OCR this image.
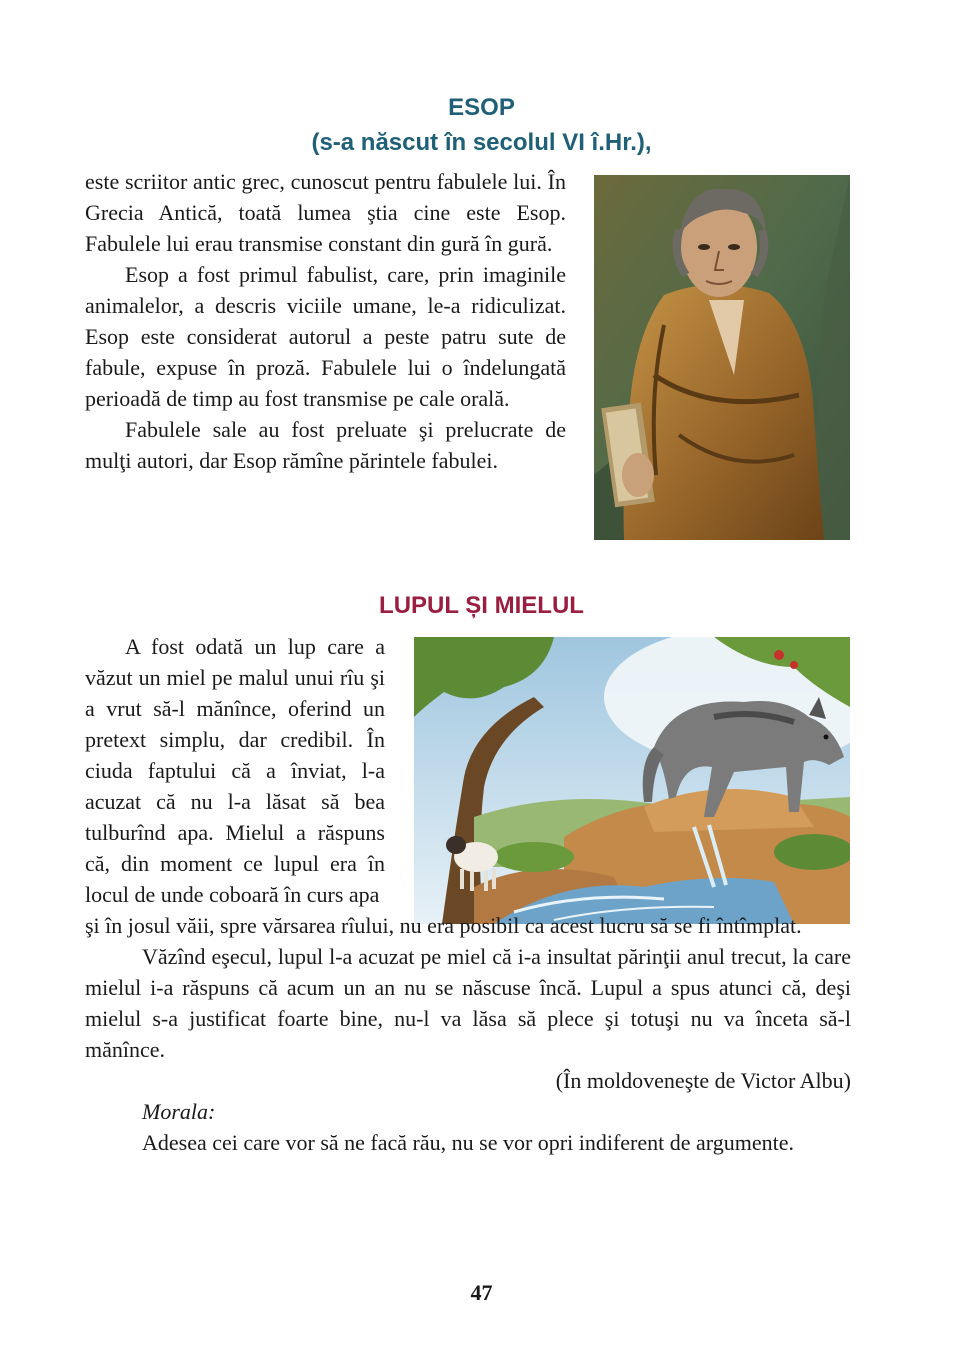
ESOP
(s-a născut în secolul VI î.Hr.),

este scriitor antic grec, cunoscut pentru fabulele lui. În Grecia Antică, toată lumea ştia cine este Esop. Fabulele lui erau transmise constant din gură în gură.

Esop a fost primul fabulist, care, prin imaginile animalelor, a descris viciile umane, le-a ridiculizat. Esop este considerat autorul a peste patru sute de fabule, expuse în proză. Fabulele lui o îndelungată perioadă de timp au fost transmise pe cale orală.

Fabulele sale au fost preluate şi prelucrate de mulţi autori, dar Esop rămîne părintele fabulei.

LUPUL ȘI MIELUL

A fost odată un lup care a văzut un miel pe malul unui rîu şi a vrut să-l mănînce, oferind un pretext simplu, dar credibil. În ciuda faptului că a înviat, l-a acuzat că nu l-a lăsat să bea tulburînd apa. Mielul a răspuns că, din moment ce lupul era în locul de unde coboară în curs apa

şi în josul văii, spre vărsarea rîului, nu era posibil ca acest lucru să se fi întîmplat.

Văzînd eşecul, lupul l-a acuzat pe miel că i-a insultat părinţii anul trecut, la care mielul i-a răspuns că acum un an nu se născuse încă. Lupul a spus atunci că, deşi mielul s-a justificat foarte bine, nu-l va lăsa să plece şi totuşi nu va înceta să-l mănînce.

(În moldoveneşte de Victor Albu)

Morala:

Adesea cei care vor să ne facă rău, nu se vor opri indiferent de argumente.

47
